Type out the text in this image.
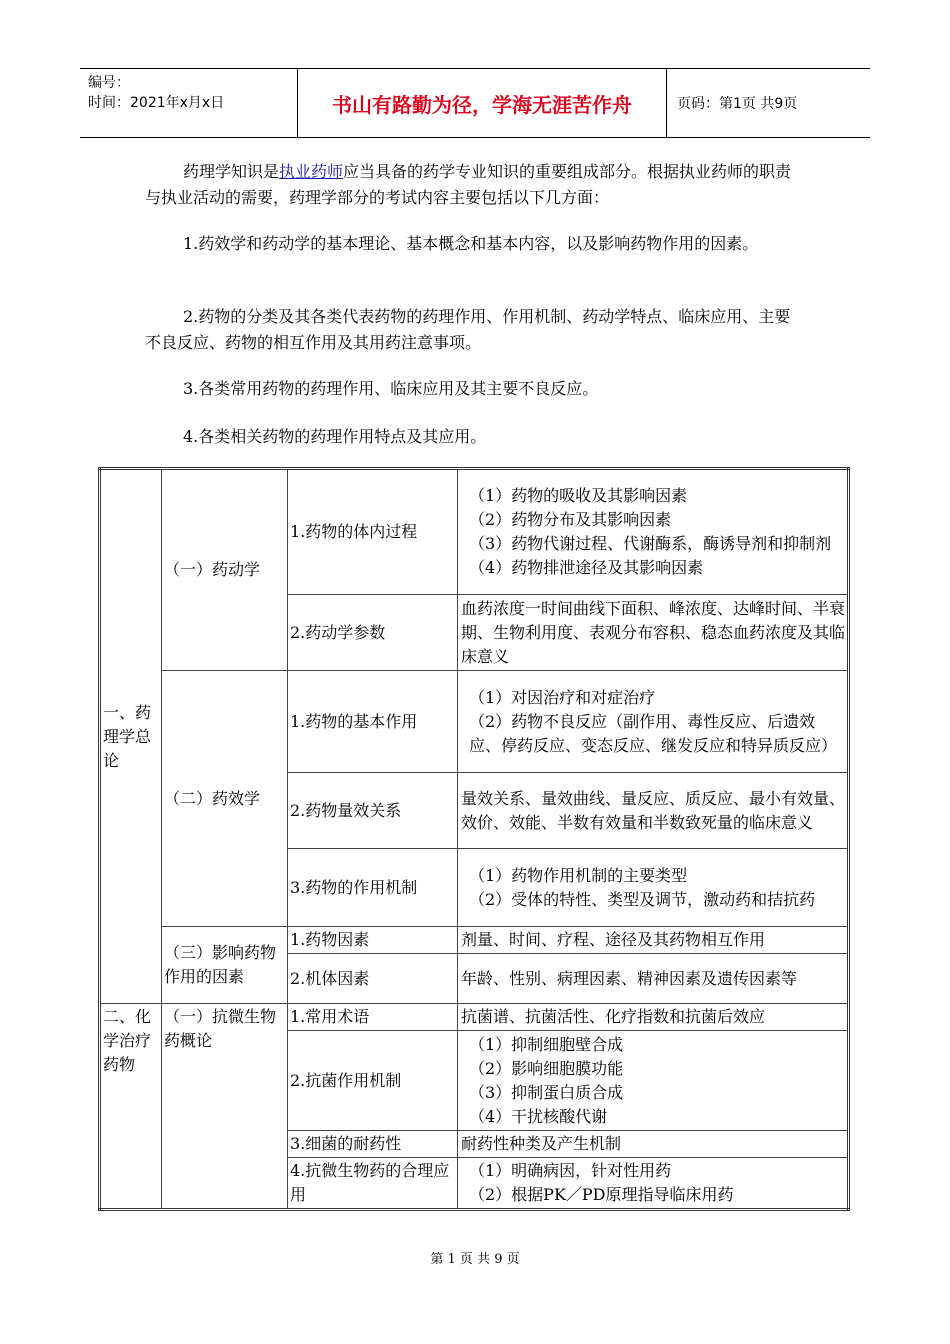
编号：
时间：2021年x月x日	书山有路勤为径，学海无涯苦作舟	页码：第1页 共9页
药理学知识是执业药师应当具备的药学专业知识的重要组成部分。根据执业药师的职责与执业活动的需要，药理学部分的考试内容主要包括以下几方面：
1.药效学和药动学的基本理论、基本概念和基本内容，以及影响药物作用的因素。
2.药物的分类及其各类代表药物的药理作用、作用机制、药动学特点、临床应用、主要不良反应、药物的相互作用及其用药注意事项。
3.各类常用药物的药理作用、临床应用及其主要不良反应。
4.各类相关药物的药理作用特点及其应用。
一、药理学总论	（一）药动学	1.药物的体内过程	（1）药物的吸收及其影响因素
（2）药物分布及其影响因素
（3）药物代谢过程、代谢酶系，酶诱导剂和抑制剂
（4）药物排泄途径及其影响因素

		2.药动学参数	血药浓度一时间曲线下面积、峰浓度、达峰时间、半衰期、生物利用度、表观分布容积、稳态血药浓度及其临床意义
	（二）药效学	1.药物的基本作用	（1）对因治疗和对症治疗
（2）药物不良反应（副作用、毒性反应、后遗效应、停药反应、变态反应、继发反应和特异质反应）

		2.药物量效关系	量效关系、量效曲线、量反应、质反应、最小有效量、效价、效能、半数有效量和半数致死量的临床意义
		3.药物的作用机制	（1）药物作用机制的主要类型
（2）受体的特性、类型及调节，激动药和拮抗药

	（三）影响药物作用的因素	1.药物因素	剂量、时间、疗程、途径及其药物相互作用
		2.机体因素	年龄、性别、病理因素、精神因素及遗传因素等

二、化学治疗药物	（一）抗微生物药概论	1.常用术语	抗菌谱、抗菌活性、化疗指数和抗菌后效应
		2.抗菌作用机制	（1）抑制细胞壁合成
（2）影响细胞膜功能
（3）抑制蛋白质合成
（4）干扰核酸代谢

		3.细菌的耐药性	耐药性种类及产生机制
		4.抗微生物药的合理应用	（1）明确病因，针对性用药
（2）根据PK／PD原理指导临床用药
第 1 页 共 9 页
